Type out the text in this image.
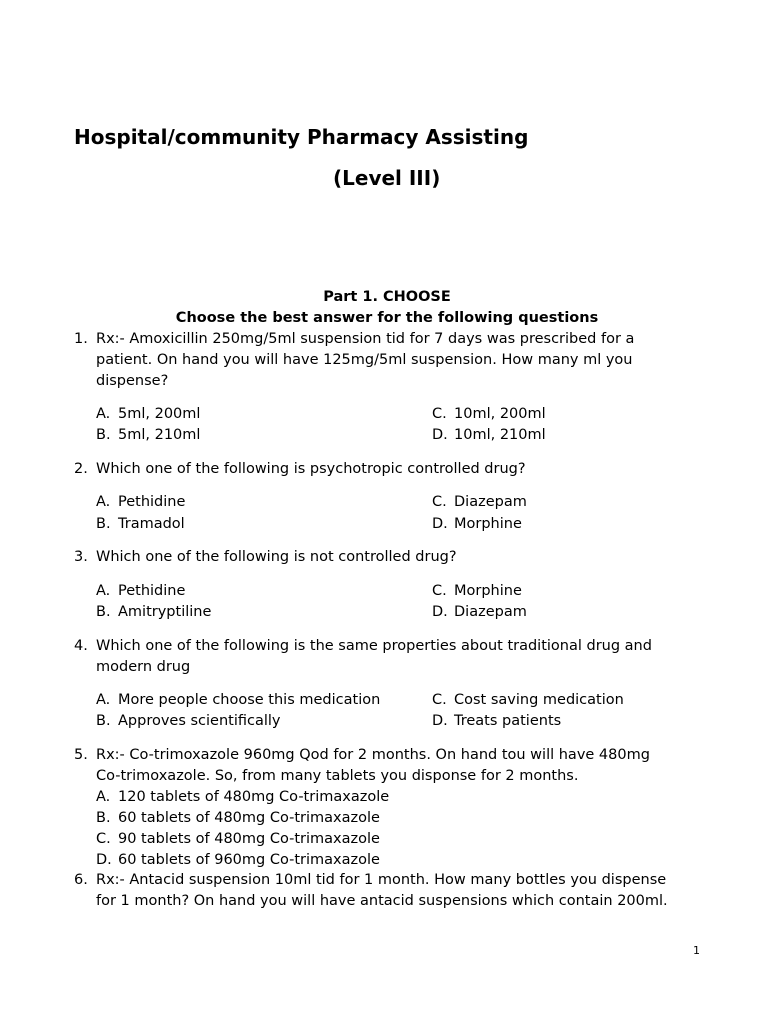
Hospital/community Pharmacy Assisting
(Level III)
Part 1. CHOOSE
Choose the best answer for the following questions
1. Rx:- Amoxicillin 250mg/5ml suspension tid for 7 days was prescribed for a
patient. On hand you will have 125mg/5ml suspension. How many ml you
dispense?
A. 5ml, 200ml
B. 5ml, 210ml
C. 10ml, 200ml
D. 10ml, 210ml
2. Which one of the following is psychotropic controlled drug?
A. Pethidine
B. Tramadol
C. Diazepam
D. Morphine
3. Which one of the following is not controlled drug?
A. Pethidine
B. Amitryptiline
C. Morphine
D. Diazepam
4. Which one of the following is the same properties about traditional drug and
modern drug
A. More people choose this medication
B. Approves scientifically
C. Cost saving medication
D. Treats patients
5. Rx:- Co-trimoxazole 960mg Qod for 2 months. On hand tou will have 480mg
Co-trimoxazole. So, from many tablets you disponse for 2 months.
A. 120 tablets of 480mg Co-trimaxazole
B. 60 tablets of 480mg Co-trimaxazole
C. 90 tablets of 480mg Co-trimaxazole
D. 60 tablets of 960mg Co-trimaxazole
6. Rx:- Antacid suspension 10ml tid for 1 month. How many bottles you dispense
for 1 month? On hand you will have antacid suspensions which contain 200ml.
1
